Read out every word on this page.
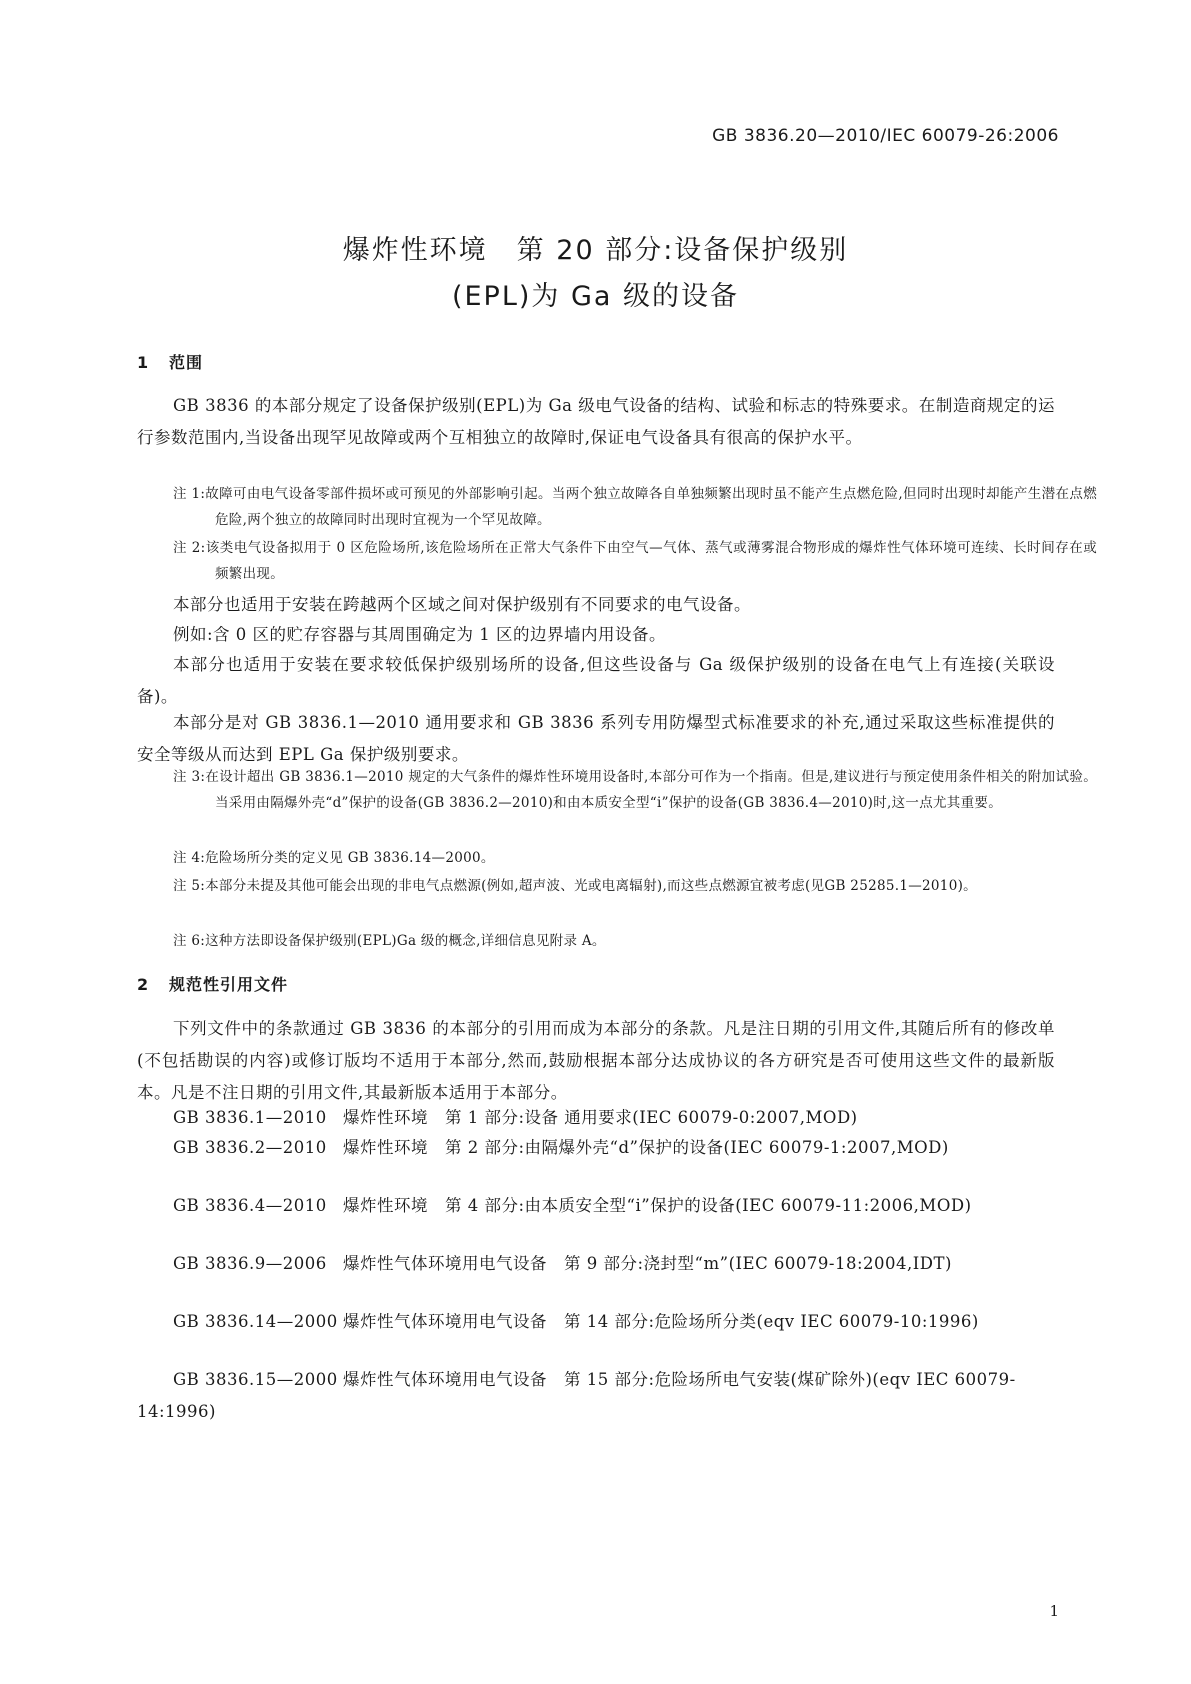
GB 3836.20—2010/IEC 60079-26:2006
爆炸性环境　第 20 部分:设备保护级别
(EPL)为 Ga 级的设备
1 范围
GB 3836 的本部分规定了设备保护级别(EPL)为 Ga 级电气设备的结构、试验和标志的特殊要求。在制造商规定的运行参数范围内,当设备出现罕见故障或两个互相独立的故障时,保证电气设备具有很高的保护水平。
注 1:故障可由电气设备零部件损坏或可预见的外部影响引起。当两个独立故障各自单独频繁出现时虽不能产生点燃危险,但同时出现时却能产生潜在点燃危险,两个独立的故障同时出现时宜视为一个罕见故障。
注 2:该类电气设备拟用于 0 区危险场所,该危险场所在正常大气条件下由空气—气体、蒸气或薄雾混合物形成的爆炸性气体环境可连续、长时间存在或频繁出现。
本部分也适用于安装在跨越两个区域之间对保护级别有不同要求的电气设备。
例如:含 0 区的贮存容器与其周围确定为 1 区的边界墙内用设备。
本部分也适用于安装在要求较低保护级别场所的设备,但这些设备与 Ga 级保护级别的设备在电气上有连接(关联设备)。
本部分是对 GB 3836.1—2010 通用要求和 GB 3836 系列专用防爆型式标准要求的补充,通过采取这些标准提供的安全等级从而达到 EPL Ga 保护级别要求。
注 3:在设计超出 GB 3836.1—2010 规定的大气条件的爆炸性环境用设备时,本部分可作为一个指南。但是,建议进行与预定使用条件相关的附加试验。当采用由隔爆外壳“d”保护的设备(GB 3836.2—2010)和由本质安全型“i”保护的设备(GB 3836.4—2010)时,这一点尤其重要。
注 4:危险场所分类的定义见 GB 3836.14—2000。
注 5:本部分未提及其他可能会出现的非电气点燃源(例如,超声波、光或电离辐射),而这些点燃源宜被考虑(见GB 25285.1—2010)。
注 6:这种方法即设备保护级别(EPL)Ga 级的概念,详细信息见附录 A。
2 规范性引用文件
下列文件中的条款通过 GB 3836 的本部分的引用而成为本部分的条款。凡是注日期的引用文件,其随后所有的修改单(不包括勘误的内容)或修订版均不适用于本部分,然而,鼓励根据本部分达成协议的各方研究是否可使用这些文件的最新版本。凡是不注日期的引用文件,其最新版本适用于本部分。
GB 3836.1—2010 爆炸性环境　第 1 部分:设备 通用要求(IEC 60079-0:2007,MOD)
GB 3836.2—2010 爆炸性环境　第 2 部分:由隔爆外壳“d”保护的设备(IEC 60079-1:2007,MOD)
GB 3836.4—2010 爆炸性环境　第 4 部分:由本质安全型“i”保护的设备(IEC 60079-11:2006,MOD)
GB 3836.9—2006 爆炸性气体环境用电气设备　第 9 部分:浇封型“m”(IEC 60079-18:2004,IDT)
GB 3836.14—2000 爆炸性气体环境用电气设备　第 14 部分:危险场所分类(eqv IEC 60079-10:1996)
GB 3836.15—2000 爆炸性气体环境用电气设备　第 15 部分:危险场所电气安装(煤矿除外)(eqv IEC 60079-14:1996)
1
